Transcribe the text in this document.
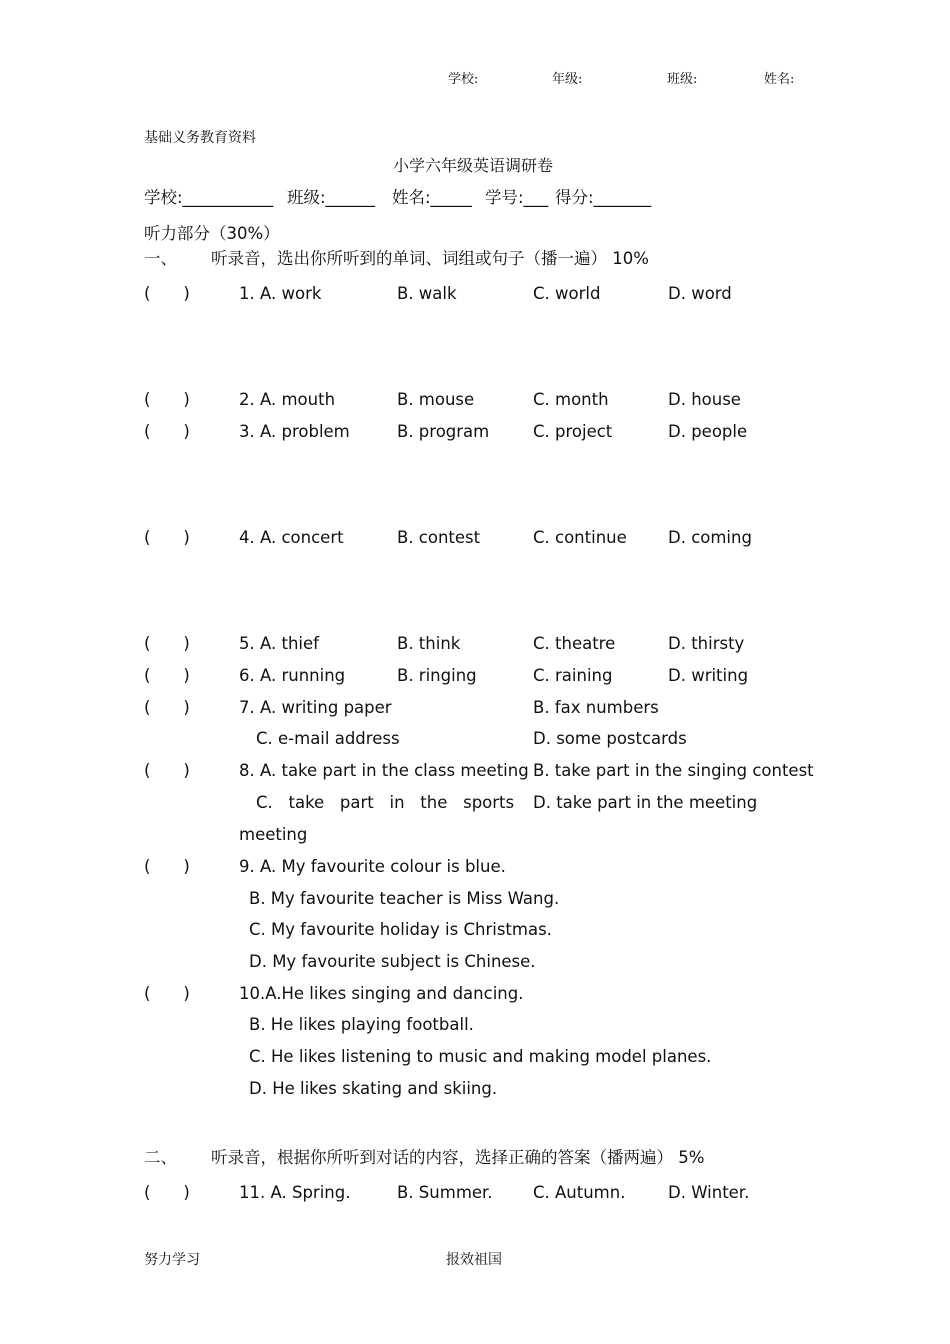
学校:	年级:	班级:	姓名:
基础义务教育资料
小学六年级英语调研卷
学校:___________ 班级:______ 姓名:_____ 学号:___ 得分:_______
听力部分（30%）
一、 听录音，选出你所听到的单词、词组或句子（播一遍） 10%
(　　)	1. A. work	B. walk	C. world	D. word
(　　)	2. A. mouth	B. mouse	C. month	D. house
(　　)	3. A. problem	B. program	C. project	D. people
(　　)	4. A. concert	B. contest	C. continue D. coming
(　　)	5. A. thief	B. think	C. theatre	D. thirsty
(　　)	6. A. running	B. ringing	C. raining	D. writing
(　　)	7. A. writing paper	B. fax numbers
C. e-mail address	D. some postcards
(　　)	8. A. take part in the class meeting B. take part in the singing contest
C.   take   part   in   the   sports D. take part in the meeting
meeting
(　　)	9. A. My favourite colour is blue.
B. My favourite teacher is Miss Wang.
C. My favourite holiday is Christmas.
D. My favourite subject is Chinese.
(　　)	10.A.He likes singing and dancing.
B. He likes playing football.
C. He likes listening to music and making model planes.
D. He likes skating and skiing.
二、 听录音，根据你所听到对话的内容，选择正确的答案（播两遍） 5%
(　　)	11. A. Spring.	B. Summer. C. Autumn.	D. Winter.
努力学习	报效祖国
